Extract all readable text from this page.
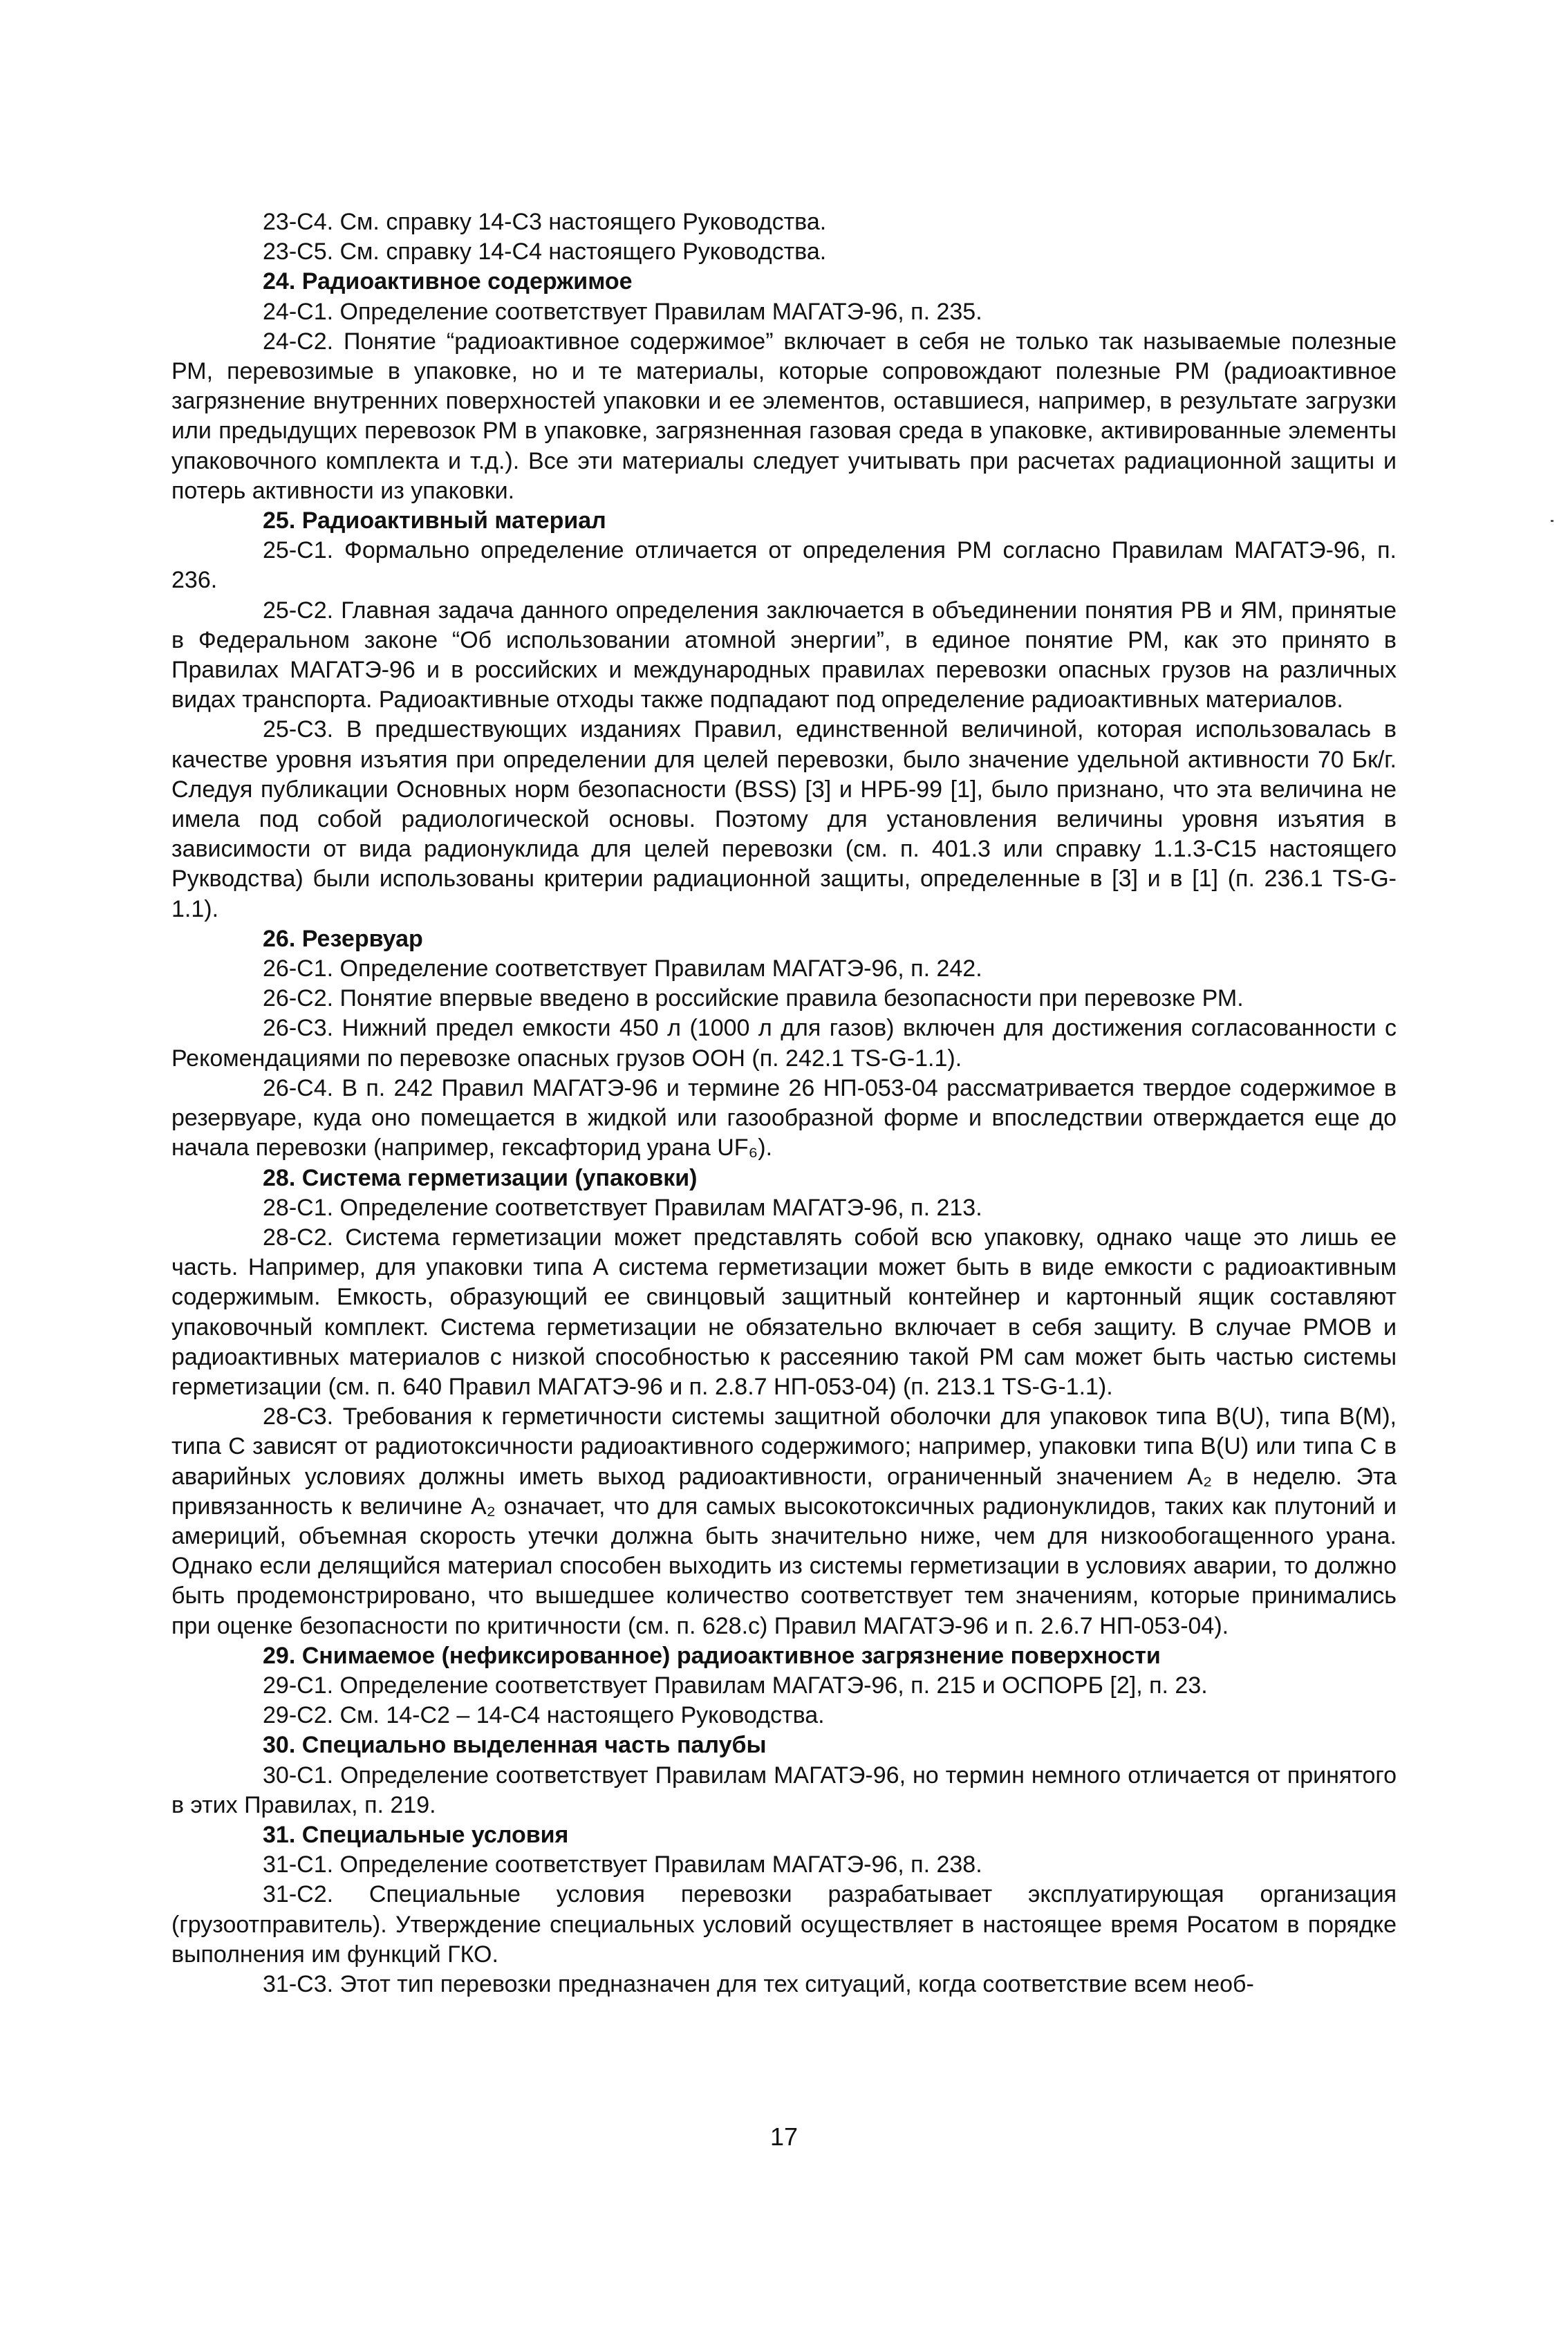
23-С4. См. справку 14-С3 настоящего Руководства.

23-С5. См. справку 14-С4 настоящего Руководства.

24. Радиоактивное содержимое

24-С1. Определение соответствует Правилам МАГАТЭ-96, п. 235.

24-С2. Понятие “радиоактивное содержимое” включает в себя не только так называемые полезные РМ, перевозимые в упаковке, но и те материалы, которые сопровождают полезные РМ (радиоактивное загрязнение внутренних поверхностей упаковки и ее элементов, оставшиеся, например, в результате загрузки или предыдущих перевозок РМ в упаковке, загрязненная газовая среда в упаковке, активированные элементы упаковочного комплекта и т.д.). Все эти материалы следует учитывать при расчетах радиационной защиты и потерь активности из упаковки.

25. Радиоактивный материал

25-С1. Формально определение отличается от определения РМ согласно Правилам МАГАТЭ-96, п. 236.

25-С2. Главная задача данного определения заключается в объединении понятия РВ и ЯМ, принятые в Федеральном законе “Об использовании атомной энергии”, в единое понятие РМ, как это принято в Правилах МАГАТЭ-96 и в российских и международных правилах перевозки опасных грузов на различных видах транспорта. Радиоактивные отходы также подпадают под определение радиоактивных материалов.

25-С3. В предшествующих изданиях Правил, единственной величиной, которая использовалась в качестве уровня изъятия при определении для целей перевозки, было значение удельной активности 70 Бк/г. Следуя публикации Основных норм безопасности (BSS) [3] и НРБ-99 [1], было признано, что эта величина не имела под собой радиологической основы. Поэтому для установления величины уровня изъятия в зависимости от вида радионуклида для целей перевозки (см. п. 401.3 или справку 1.1.3-С15 настоящего Рукводства) были использованы критерии радиационной защиты, определенные в [3] и в [1] (п. 236.1 TS-G-1.1).

26. Резервуар

26-С1. Определение соответствует Правилам МАГАТЭ-96, п. 242.

26-С2. Понятие впервые введено в российские правила безопасности при перевозке РМ.

26-С3. Нижний предел емкости 450 л (1000 л для газов) включен для достижения согласованности с Рекомендациями по перевозке опасных грузов ООН (п. 242.1 TS-G-1.1).

26-С4. В п. 242 Правил МАГАТЭ-96 и термине 26 НП-053-04 рассматривается твердое содержимое в резервуаре, куда оно помещается в жидкой или газообразной форме и впоследствии отверждается еще до начала перевозки (например, гексафторид урана UF₆).

28. Система герметизации (упаковки)

28-С1. Определение соответствует Правилам МАГАТЭ-96, п. 213.

28-С2. Система герметизации может представлять собой всю упаковку, однако чаще это лишь ее часть. Например, для упаковки типа А система герметизации может быть в виде емкости с радиоактивным содержимым. Емкость, образующий ее свинцовый защитный контейнер и картонный ящик составляют упаковочный комплект. Система герметизации не обязательно включает в себя защиту. В случае РМОВ и радиоактивных материалов с низкой способностью к рассеянию такой РМ сам может быть частью системы герметизации (см. п. 640 Правил МАГАТЭ-96 и п. 2.8.7 НП-053-04) (п. 213.1 TS-G-1.1).

28-С3. Требования к герметичности системы защитной оболочки для упаковок типа B(U), типа B(M), типа С зависят от радиотоксичности радиоактивного содержимого; например, упаковки типа B(U) или типа С в аварийных условиях должны иметь выход радиоактивности, ограниченный значением A₂ в неделю. Эта привязанность к величине A₂ означает, что для самых высокотоксичных радионуклидов, таких как плутоний и америций, объемная скорость утечки должна быть значительно ниже, чем для низкообогащенного урана. Однако если делящийся материал способен выходить из системы герметизации в условиях аварии, то должно быть продемонстрировано, что вышедшее количество соответствует тем значениям, которые принимались при оценке безопасности по критичности (см. п. 628.с) Правил МАГАТЭ-96 и п. 2.6.7 НП-053-04).

29. Снимаемое (нефиксированное) радиоактивное загрязнение поверхности

29-С1. Определение соответствует Правилам МАГАТЭ-96, п. 215 и ОСПОРБ [2], п. 23.

29-С2. См. 14-С2 – 14-С4 настоящего Руководства.

30. Специально выделенная часть палубы

30-С1. Определение соответствует Правилам МАГАТЭ-96, но термин немного отличается от принятого в этих Правилах, п. 219.

31. Специальные условия

31-С1. Определение соответствует Правилам МАГАТЭ-96, п. 238.

31-С2. Специальные условия перевозки разрабатывает эксплуатирующая организация (грузоотправитель). Утверждение специальных условий осуществляет в настоящее время Росатом в порядке выполнения им функций ГКО.

31-С3. Этот тип перевозки предназначен для тех ситуаций, когда соответствие всем необ-

17
